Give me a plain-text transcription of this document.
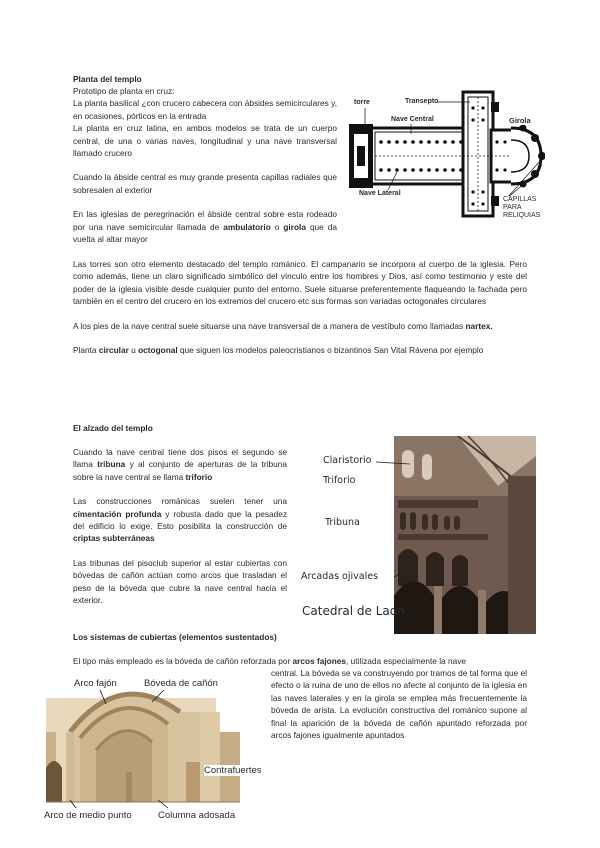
Planta del templo
Prototipo de planta en cruz:

La planta basilical ¿con crucero cabecera con ábsides semicirculares y, en ocasiones, pórticos en la entrada

La planta en cruz latina, en ambos modelos se trata de un cuerpo central, de una o varias naves, longitudinal y una nave transversal llamado crucero

Cuando la ábside central es muy grande presenta capillas radiales que sobresalen al exterior

En las iglesias de peregrinación el ábside central sobre esta rodeado por una nave semicircular llamada de ambulatorio o girola que da vuelta al altar mayor

Las torres son otro elemento destacado del templo románico. El campanario se incorpora al cuerpo de la iglesia. Pero como además, tiene un claro significado simbólico del vínculo entre los hombres y Dios, así como testimonio y este del poder de la iglesia visible desde cualquier punto del entorno. Suele situarse preferentemente flaqueando la fachada pero también en el centro del crucero en los extremos del crucero etc sus formas son variadas octogonales circulares

A los pies de la nave central suele situarse una nave transversal de a manera de vestíbulo como llamadas nartex.

Planta circular u octogonal que siguen los modelos paleocristianos o bizantinos San Vital Rávena por ejemplo

torre	Transepto
Nave Central	Girola
Nave Lateral
CAPILLAS
PARA
RELIQUIAS
El alzado del templo

Cuando la nave central tiene dos pisos el segundo se llama tribuna y al conjunto de aperturas de la tribuna sobre la nave central se llama triforio

Las construcciones románicas suelen tener una cimentación profunda y robusta dado que la pesadez del edificio lo exige. Esto posibilita la construcción de criptas subterráneas

Las tribunas del pisoclub superior al estar cubiertas con bóvedas de cañón actúan como arcos que trasladan el peso de la bóveda que cubre la nave central hacia el exterior.

Claristorio
Triforio
Tribuna
Arcadas ojivales
Catedral de Laon
Los sistemas de cubiertas (elementos sustentados)
El tipo más empleado es la bóveda de cañón reforzada por arcos fajones, utilizada especialmente la nave

central. La bóveda se va construyendo por tramos de tal forma que el efecto o la ruina de uno de ellos no afecte al conjunto de la iglesia en las naves laterales y en la girola se emplea más frecuentemente la bóveda de arista. La evolución constructiva del románico supone al final la aparición de la bóveda de cañón apuntado reforzada por arcos fajones igualmente apuntados

Arco fajón	Bóveda de cañón
Contrafuertes
Arco de medio punto	Columna adosada
